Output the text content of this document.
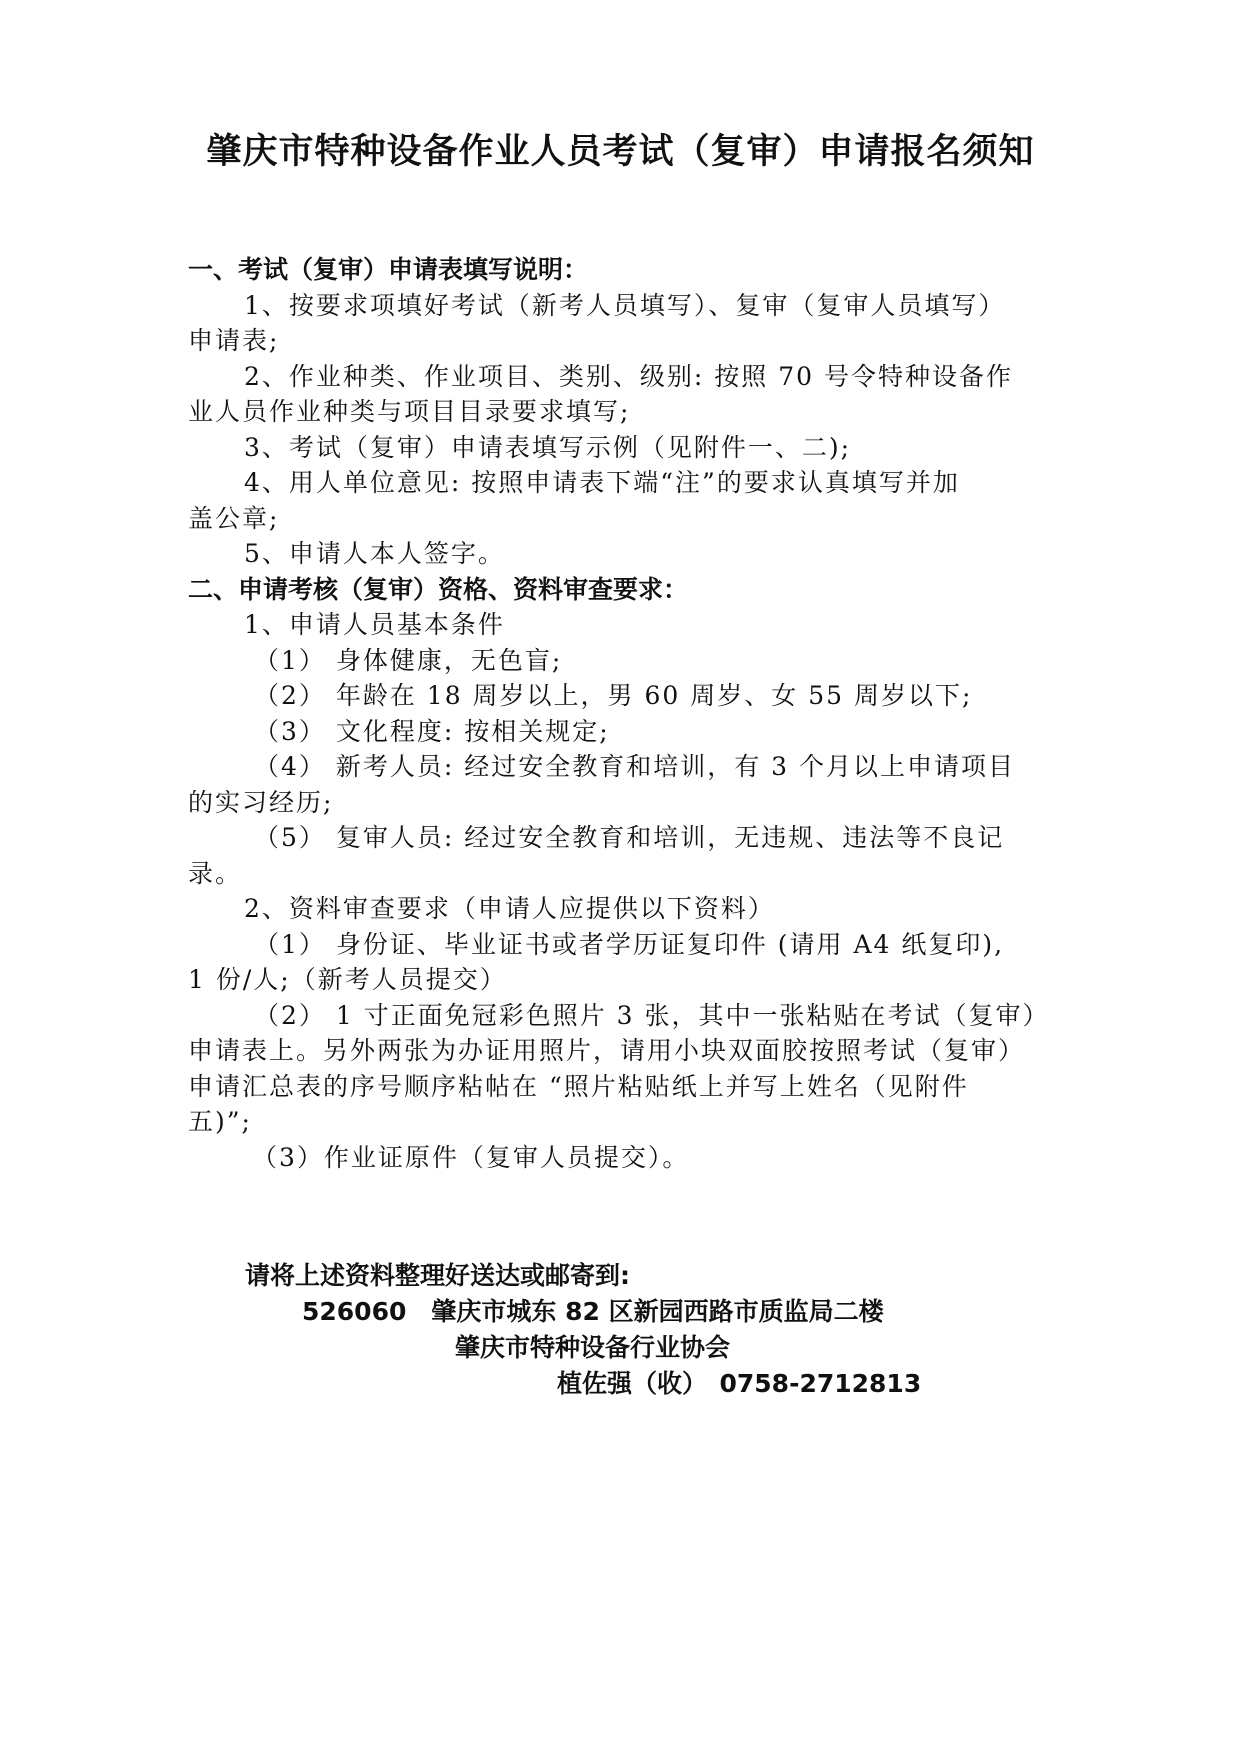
肇庆市特种设备作业人员考试（复审）申请报名须知
一、考试（复审）申请表填写说明：
1、按要求项填好考试（新考人员填写）、复审（复审人员填写）
申请表;
2、作业种类、作业项目、类别、级别: 按照 70 号令特种设备作
业人员作业种类与项目目录要求填写;
3、考试（复审）申请表填写示例（见附件一、二);
4、用人单位意见: 按照申请表下端“注”的要求认真填写并加
盖公章;
5、申请人本人签字。
二、申请考核（复审）资格、资料审查要求：
1、申请人员基本条件
（1） 身体健康，无色盲;
（2） 年龄在 18 周岁以上，男 60 周岁、女 55 周岁以下;
（3） 文化程度: 按相关规定;
（4） 新考人员: 经过安全教育和培训，有 3 个月以上申请项目
的实习经历;
（5） 复审人员: 经过安全教育和培训，无违规、违法等不良记
录。
2、资料审查要求（申请人应提供以下资料）
（1） 身份证、毕业证书或者学历证复印件 (请用 A4 纸复印),
1 份/人;（新考人员提交）
（2） 1 寸正面免冠彩色照片 3 张，其中一张粘贴在考试（复审）
申请表上。另外两张为办证用照片，请用小块双面胶按照考试（复审）
申请汇总表的序号顺序粘帖在 “照片粘贴纸上并写上姓名（见附件
五)”;
（3）作业证原件（复审人员提交）。
请将上述资料整理好送达或邮寄到:
526060　肇庆市城东 82 区新园西路市质监局二楼
肇庆市特种设备行业协会
植佐强（收）　0758-2712813
